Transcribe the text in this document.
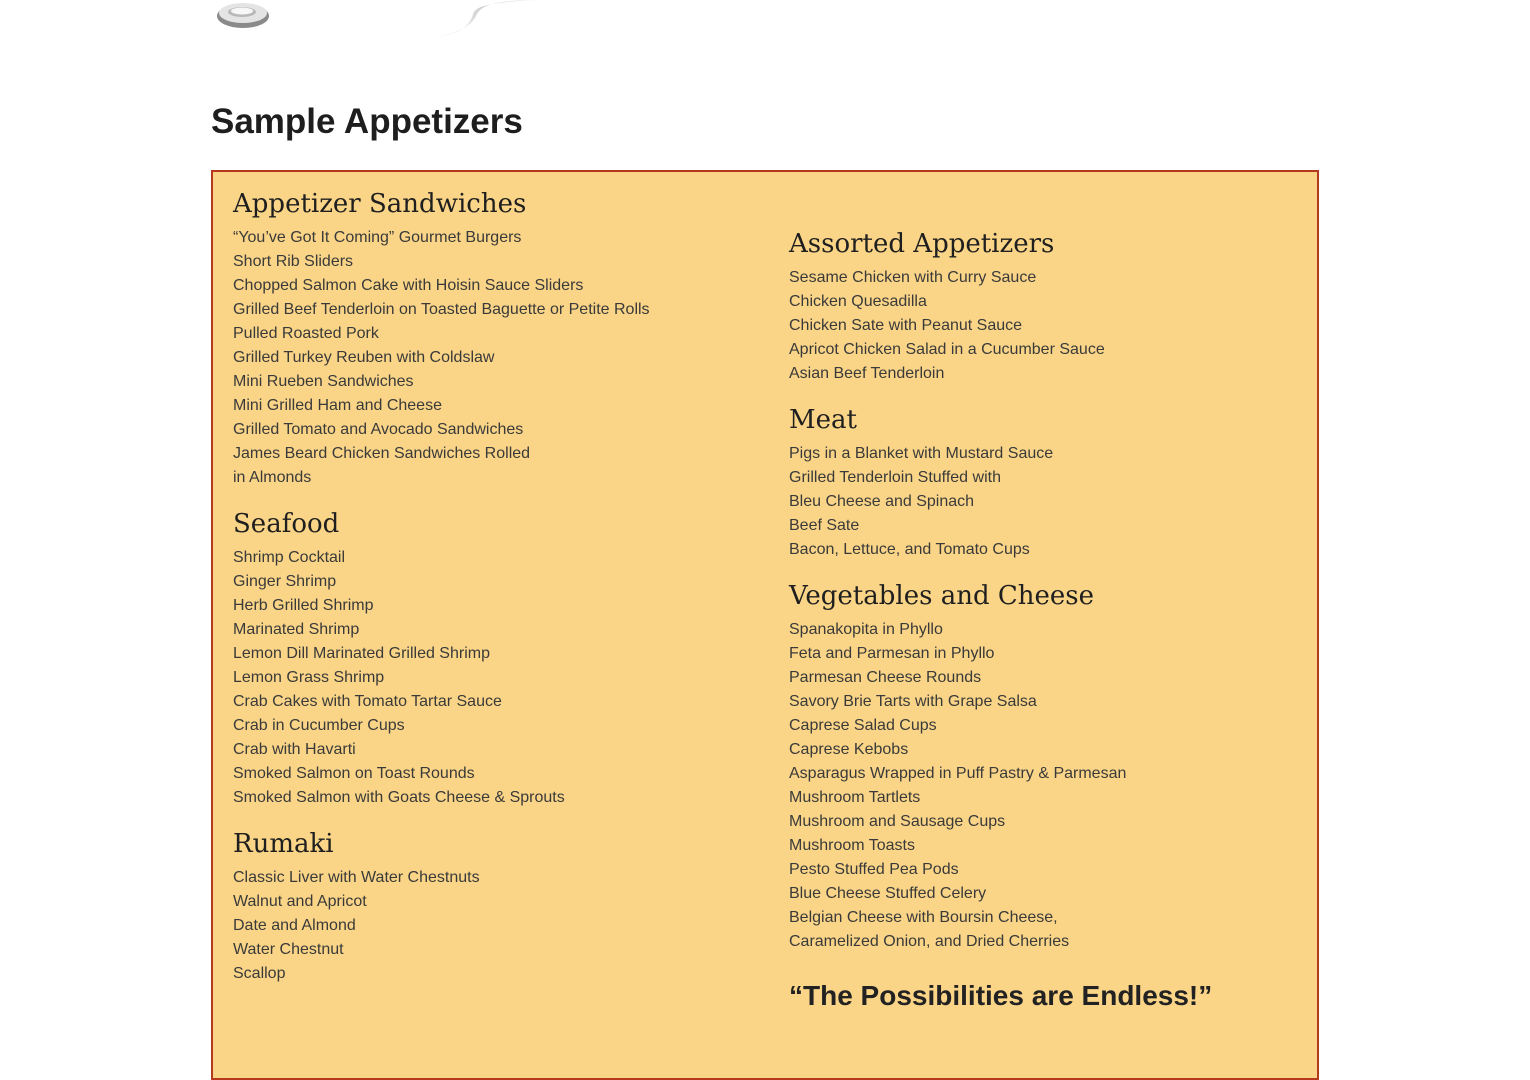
Sample Appetizers
Appetizer Sandwiches
“You’ve Got It Coming” Gourmet Burgers
Short Rib Sliders
Chopped Salmon Cake with Hoisin Sauce Sliders
Grilled Beef Tenderloin on Toasted Baguette or Petite Rolls
Pulled Roasted Pork
Grilled Turkey Reuben with Coldslaw
Mini Rueben Sandwiches
Mini Grilled Ham and Cheese
Grilled Tomato and Avocado Sandwiches
James Beard Chicken Sandwiches Rolled
in Almonds
Seafood
Shrimp Cocktail
Ginger Shrimp
Herb Grilled Shrimp
Marinated Shrimp
Lemon Dill Marinated Grilled Shrimp
Lemon Grass Shrimp
Crab Cakes with Tomato Tartar Sauce
Crab in Cucumber Cups
Crab with Havarti
Smoked Salmon on Toast Rounds
Smoked Salmon with Goats Cheese & Sprouts
Rumaki
Classic Liver with Water Chestnuts
Walnut and Apricot
Date and Almond
Water Chestnut
Scallop
Assorted Appetizers
Sesame Chicken with Curry Sauce
Chicken Quesadilla
Chicken Sate with Peanut Sauce
Apricot Chicken Salad in a Cucumber Sauce
Asian Beef Tenderloin
Meat
Pigs in a Blanket with Mustard Sauce
Grilled Tenderloin Stuffed with
Bleu Cheese and Spinach
Beef Sate
Bacon, Lettuce, and Tomato Cups
Vegetables and Cheese
Spanakopita in Phyllo
Feta and Parmesan in Phyllo
Parmesan Cheese Rounds
Savory Brie Tarts with Grape Salsa
Caprese Salad Cups
Caprese Kebobs
Asparagus Wrapped in Puff Pastry & Parmesan
Mushroom Tartlets
Mushroom and Sausage Cups
Mushroom Toasts
Pesto Stuffed Pea Pods
Blue Cheese Stuffed Celery
Belgian Cheese with Boursin Cheese,
Caramelized Onion, and Dried Cherries
“The Possibilities are Endless!”
